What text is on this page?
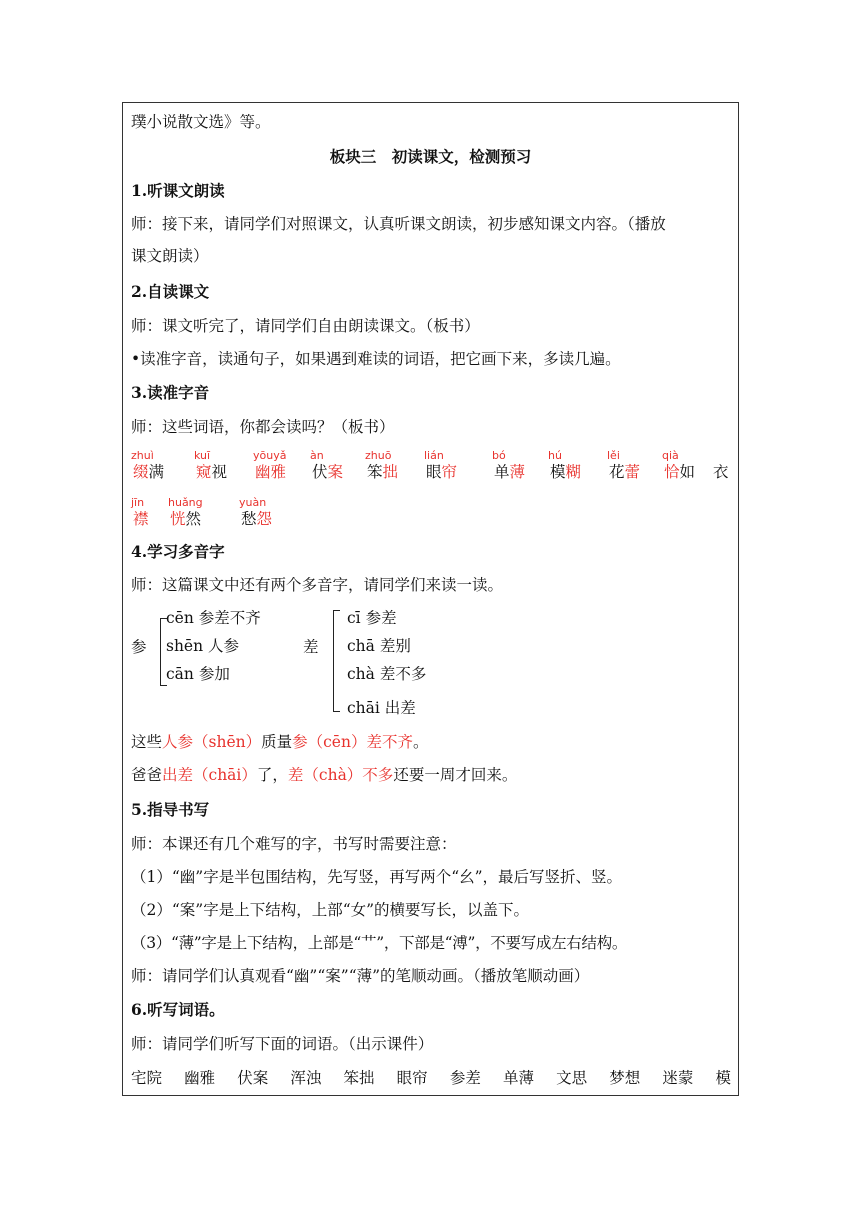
璞小说散文选》等。
板块三　初读课文，检测预习
1.听课文朗读
师：接下来，请同学们对照课文，认真听课文朗读，初步感知课文内容。（播放
课文朗读）
2.自读课文
师：课文听完了，请同学们自由朗读课文。（板书）
•读准字音，读通句子，如果遇到难读的词语，把它画下来，多读几遍。
3.读准字音
师：这些词语，你都会读吗？（板书）
zhuì
缀满
kuī
窥视
yōuyǎ
幽雅
àn
伏案
zhuō
笨拙
lián
眼帘
bó
单薄
hú
模糊
lěi
花蕾
qià
恰如 衣
jīn
襟
huǎng
恍然
yuàn
愁怨
4.学习多音字
师：这篇课文中还有两个多音字，请同学们来读一读。
参
cēn 参差不齐
shēn 人参
cān 参加
差
cī 参差
chā 差别
chà 差不多
chāi 出差
这些人参（shēn）质量参（cēn）差不齐。
爸爸出差（chāi）了，差（chà）不多还要一周才回来。
5.指导书写
师：本课还有几个难写的字，书写时需要注意：
（1）“幽”字是半包围结构，先写竖，再写两个“幺”，最后写竖折、竖。
（2）“案”字是上下结构，上部“女”的横要写长，以盖下。
（3）“薄”字是上下结构，上部是“艹”，下部是“溥”，不要写成左右结构。
师：请同学们认真观看“幽”“案”“薄”的笔顺动画。（播放笔顺动画）
6.听写词语。
师：请同学们听写下面的词语。（出示课件）
宅院 幽雅 伏案 浑浊 笨拙 眼帘 参差 单薄 文思 梦想 迷蒙 模
